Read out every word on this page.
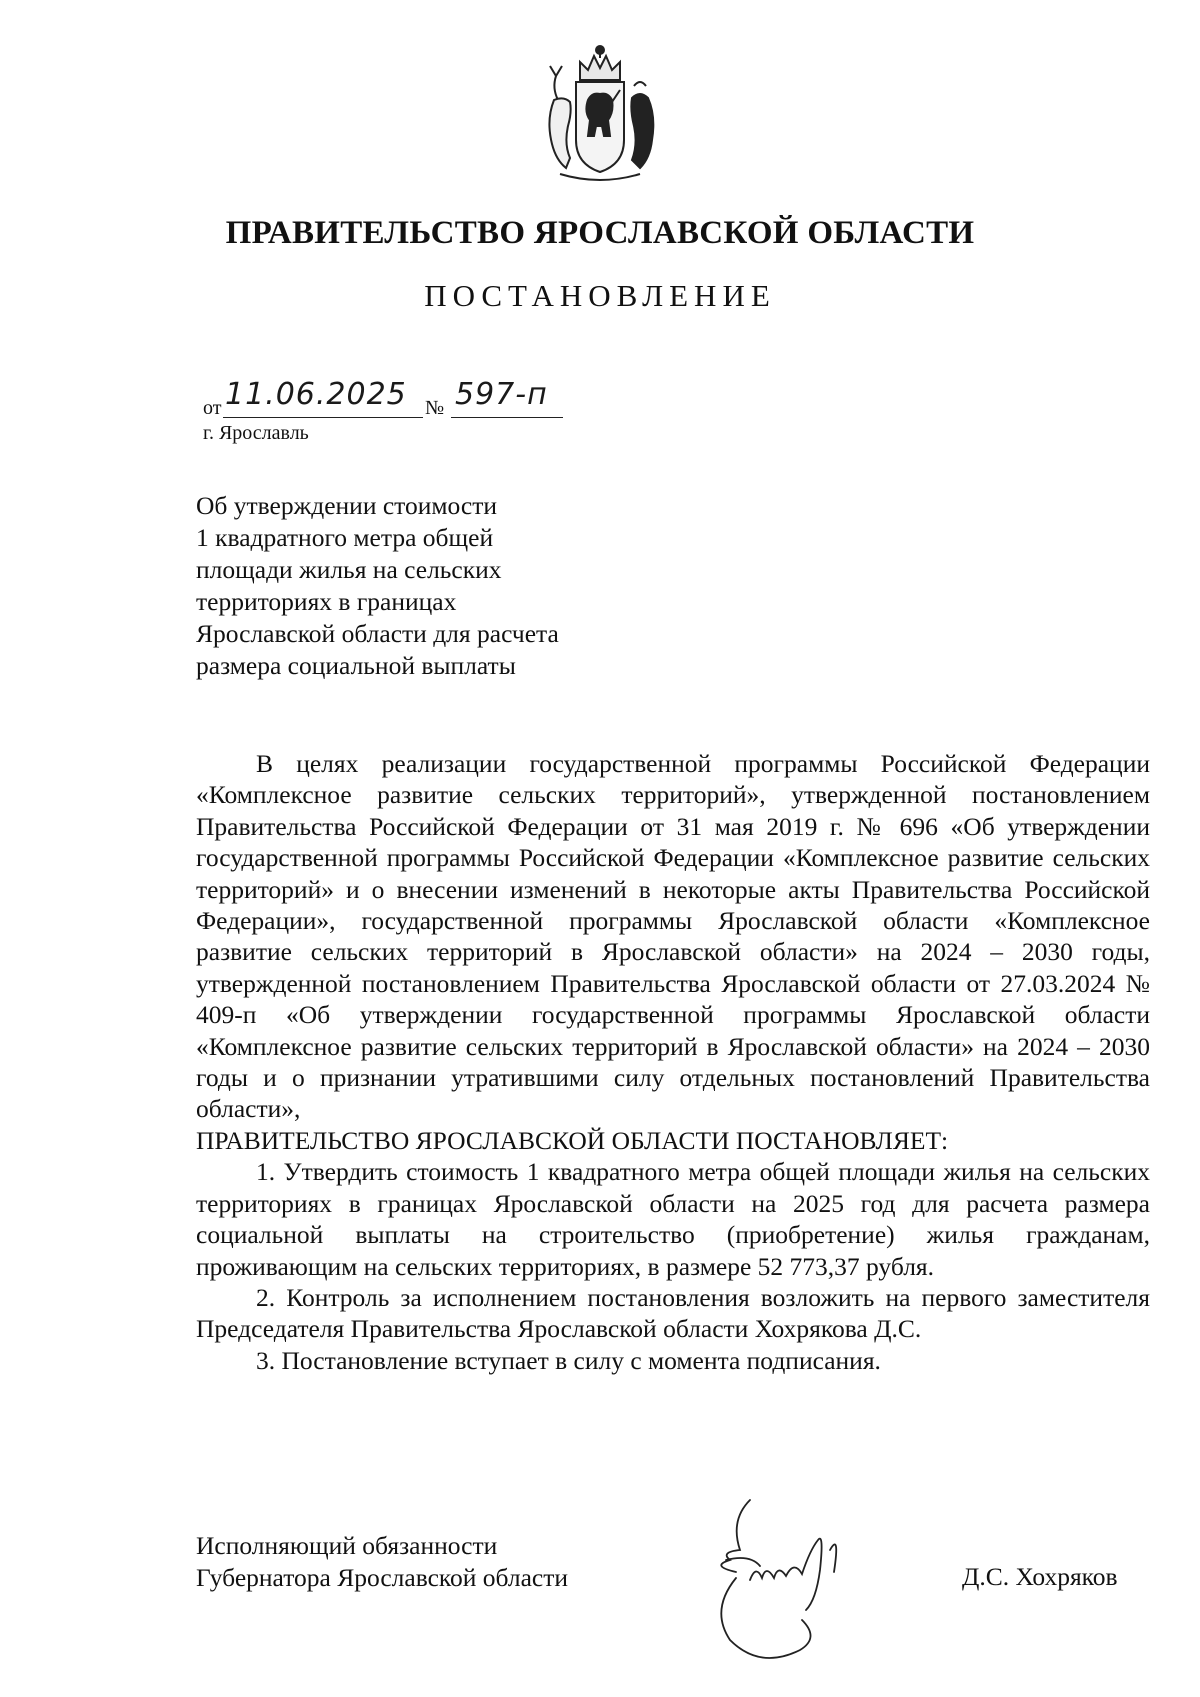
ПРАВИТЕЛЬСТВО ЯРОСЛАВСКОЙ ОБЛАСТИ
ПОСТАНОВЛЕНИЕ
от 11.06.2025 № 597-п
г. Ярославль
Об утверждении стоимости
1 квадратного метра общей
площади жилья на сельских
территориях в границах
Ярославской области для расчета
размера социальной выплаты

В целях реализации государственной программы Российской Федерации «Комплексное развитие сельских территорий», утвержденной постановлением Правительства Российской Федерации от 31 мая 2019 г. № 696 «Об утверждении государственной программы Российской Федерации «Комплексное развитие сельских территорий» и о внесении изменений в некоторые акты Правительства Российской Федерации», государственной программы Ярославской области «Комплексное развитие сельских территорий в Ярославской области» на 2024 – 2030 годы, утвержденной постановлением Правительства Ярославской области от 27.03.2024 № 409-п «Об утверждении государственной программы Ярославской области «Комплексное развитие сельских территорий в Ярославской области» на 2024 – 2030 годы и о признании утратившими силу отдельных постановлений Правительства области»,

ПРАВИТЕЛЬСТВО ЯРОСЛАВСКОЙ ОБЛАСТИ ПОСТАНОВЛЯЕТ:

1. Утвердить стоимость 1 квадратного метра общей площади жилья на сельских территориях в границах Ярославской области на 2025 год для расчета размера социальной выплаты на строительство (приобретение) жилья гражданам, проживающим на сельских территориях, в размере 52 773,37 рубля.

2. Контроль за исполнением постановления возложить на первого заместителя Председателя Правительства Ярославской области Хохрякова Д.С.

3. Постановление вступает в силу с момента подписания.

Исполняющий обязанности
Губернатора Ярославской области	Д.С. Хохряков
